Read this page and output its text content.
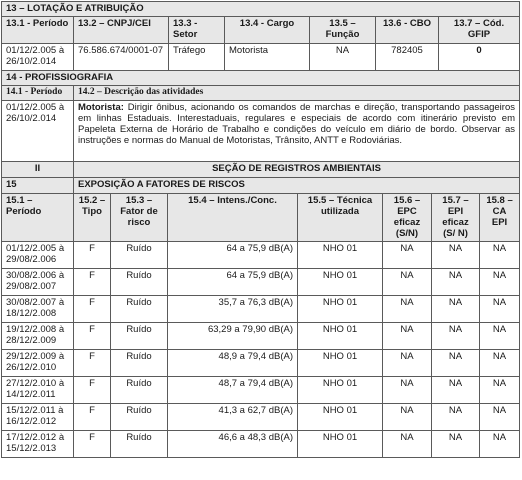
13 – LOTAÇÃO E ATRIBUIÇÃO						
13.1 - Período	13.2 – CNPJ/CEI	13.3 - Setor	13.4 - Cargo	13.5 – Função	13.6 - CBO	13.7 – Cód. GFIP
01/12/2.005 à 26/10/2.014	76.586.674/0001-07	Tráfego	Motorista	NA	782405	0
14 - PROFISSIOGRAFIA	
14.1 - Período	14.2 – Descrição das atividades
01/12/2.005 à 26/10/2.014	Motorista: Dirigir ônibus, acionando os comandos de marchas e direção, transportando passageiros em linhas Estaduais. Interestaduais, regulares e especiais de acordo com itinerário previsto em Papeleta Externa de Horário de Trabalho e condições do veículo em diário de bordo. Observar as instruções e normas do Manual de Motoristas, Trânsito, ANTT e Rodoviárias.
II	SEÇÃO DE REGISTROS AMBIENTAIS						
15	EXPOSIÇÃO A FATORES DE RISCOS						
15.1 – Período	15.2 – Tipo	15.3 – Fator de risco	15.4 – Intens./Conc.	15.5 – Técnica utilizada	15.6 – EPC eficaz (S/N)	15.7 – EPI eficaz (S/ N)	15.8 – CA EPI
01/12/2.005 à 29/08/2.006	F	Ruído	64 a 75,9 dB(A)	NHO 01	NA	NA	NA
30/08/2.006 à 29/08/2.007	F	Ruído	64 a 75,9 dB(A)	NHO 01	NA	NA	NA
30/08/2.007 à 18/12/2.008	F	Ruído	35,7 a 76,3 dB(A)	NHO 01	NA	NA	NA
19/12/2.008 à 28/12/2.009	F	Ruído	63,29 a 79,90 dB(A)	NHO 01	NA	NA	NA
29/12/2.009 à 26/12/2.010	F	Ruído	48,9 a 79,4 dB(A)	NHO 01	NA	NA	NA
27/12/2.010 à 14/12/2.011	F	Ruído	48,7 a 79,4 dB(A)	NHO 01	NA	NA	NA
15/12/2.011 à 16/12/2.012	F	Ruído	41,3 a 62,7 dB(A)	NHO 01	NA	NA	NA
17/12/2.012 à 15/12/2.013	F	Ruído	46,6 a 48,3 dB(A)	NHO 01	NA	NA	NA
